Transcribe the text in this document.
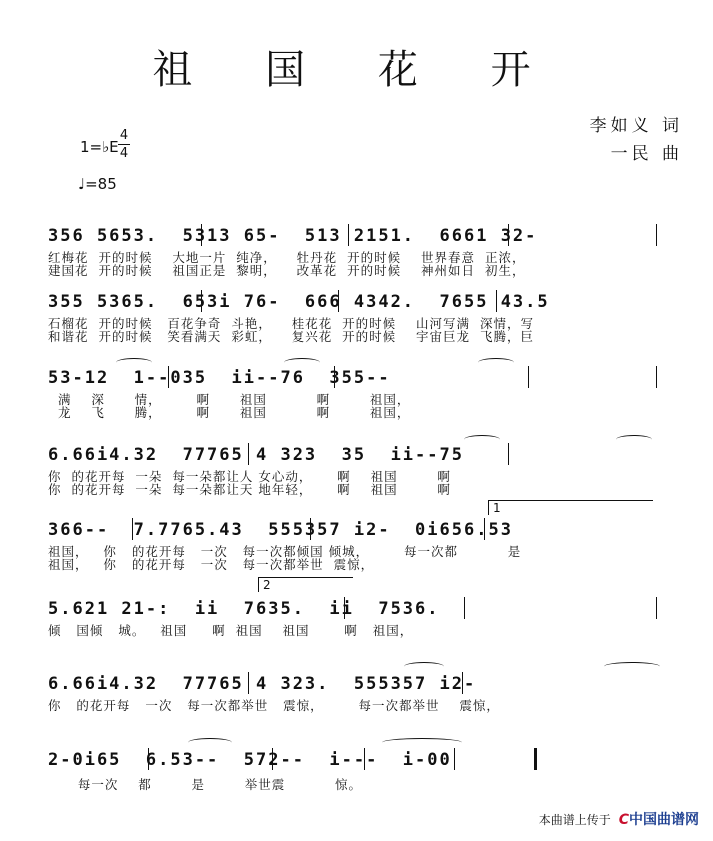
祖 国 花 开
1=♭E
4
4
♩=85
李如义 词
一民 曲
356 5653.  5313 65-  513 2151.  6661 32-
红梅花  开的时候    大地一片  纯净，    牡丹花  开的时候    世界春意  正浓，
建国花  开的时候    祖国正是  黎明，    改革花  开的时候    神州如日  初生，
355 5365.  653i 76-  666 4342.  7655 43.5
石榴花  开的时候   百花争奇  斗艳，    桂花花  开的时候    山河写满  深情，写
和谐花  开的时候   笑看满天  彩虹，    复兴花  开的时候    宇宙巨龙  飞腾，巨
53-12  1--035  ii--76  355--
满    深      情，       啊      祖国          啊        祖国，
龙    飞      腾，       啊      祖国          啊        祖国，
6.66i4.32  77765 4 323  35  ii--75
你  的花开每  一朵  每一朵都让人 女心动，     啊    祖国        啊
你  的花开每  一朵  每一朵都让天 地年轻，     啊    祖国        啊
366--  7.7765.43  555357 i2-  0i656.53
1
祖国，   你   的花开每   一次   每一次都倾国 倾城，       每一次都          是
祖国，   你   的花开每   一次   每一次都举世  震惊，
5.621 21-:  ii  7635.  ii  7536.
2
倾   国倾   城。   祖国     啊  祖国    祖国       啊   祖国，
6.66i4.32  77765 4 323.  555357 i2-
你   的花开每   一次   每一次都举世   震惊，       每一次都举世    震惊，
2-0i65  6.53--  572--  i---  i-00
每一次    都        是        举世震          惊。
本曲谱上传于 C中国曲谱网
